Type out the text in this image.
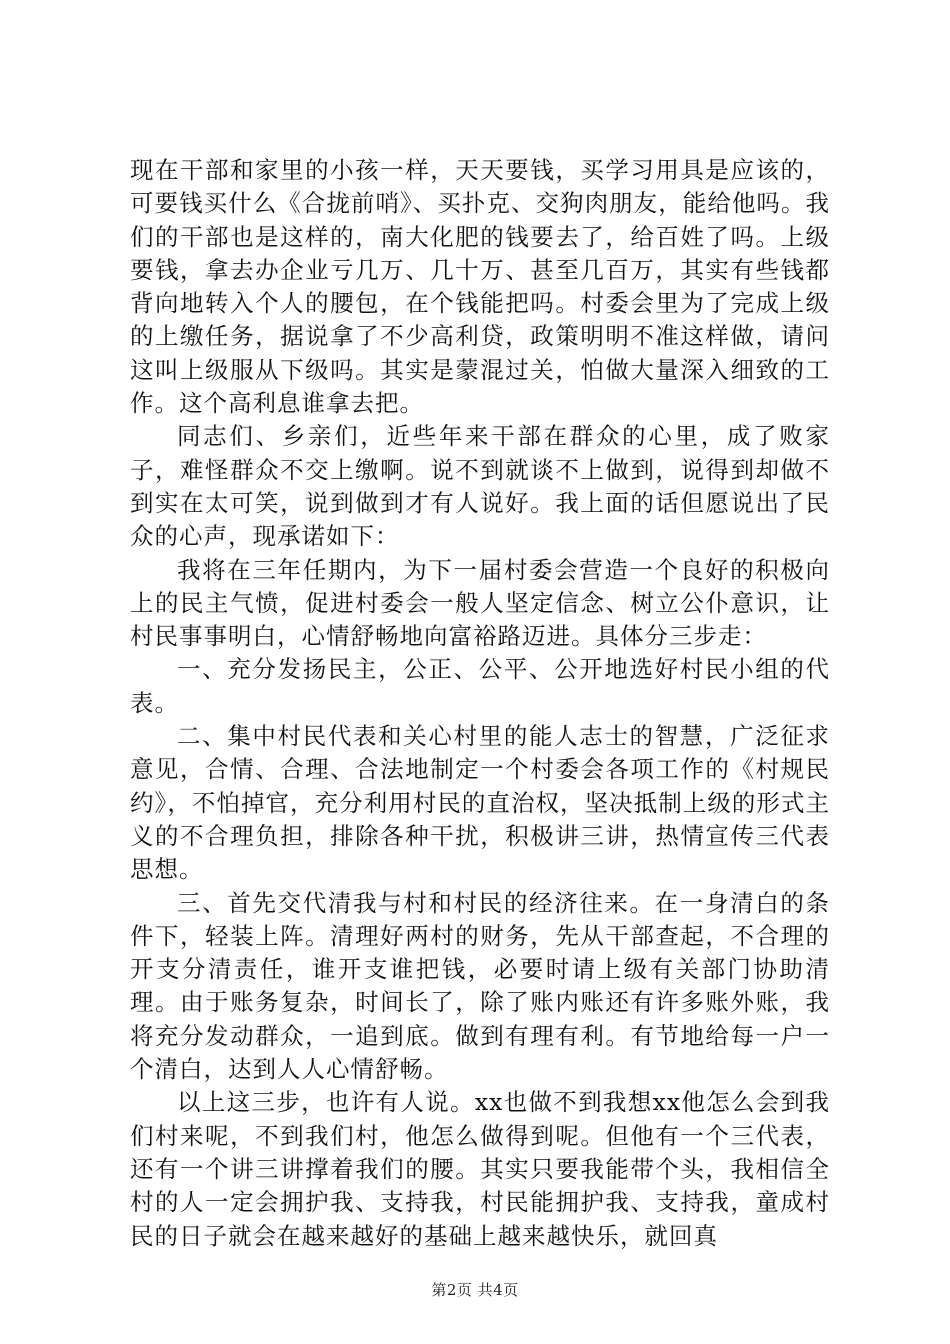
现在干部和家里的小孩一样，天天要钱，买学习用具是应该的，可要钱买什么《合拢前哨》、买扑克、交狗肉朋友，能给他吗。我们的干部也是这样的，南大化肥的钱要去了，给百姓了吗。上级要钱，拿去办企业亏几万、几十万、甚至几百万，其实有些钱都背向地转入个人的腰包，在个钱能把吗。村委会里为了完成上级的上缴任务，据说拿了不少高利贷，政策明明不准这样做，请问这叫上级服从下级吗。其实是蒙混过关，怕做大量深入细致的工作。这个高利息谁拿去把。

同志们、乡亲们，近些年来干部在群众的心里，成了败家子，难怪群众不交上缴啊。说不到就谈不上做到，说得到却做不到实在太可笑，说到做到才有人说好。我上面的话但愿说出了民众的心声，现承诺如下：

我将在三年任期内，为下一届村委会营造一个良好的积极向上的民主气愤，促进村委会一般人坚定信念、树立公仆意识，让村民事事明白，心情舒畅地向富裕路迈进。具体分三步走：

一、充分发扬民主，公正、公平、公开地选好村民小组的代表。

二、集中村民代表和关心村里的能人志士的智慧，广泛征求意见，合情、合理、合法地制定一个村委会各项工作的《村规民约》，不怕掉官，充分利用村民的直治权，坚决抵制上级的形式主义的不合理负担，排除各种干扰，积极讲三讲，热情宣传三代表思想。

三、首先交代清我与村和村民的经济往来。在一身清白的条件下，轻装上阵。清理好两村的财务，先从干部查起，不合理的开支分清责任，谁开支谁把钱，必要时请上级有关部门协助清理。由于账务复杂，时间长了，除了账内账还有许多账外账，我将充分发动群众，一追到底。做到有理有利。有节地给每一户一个清白，达到人人心情舒畅。

以上这三步，也许有人说。xx也做不到我想xx他怎么会到我们村来呢，不到我们村，他怎么做得到呢。但他有一个三代表，还有一个讲三讲撑着我们的腰。其实只要我能带个头，我相信全村的人一定会拥护我、支持我，村民能拥护我、支持我，童成村民的日子就会在越来越好的基础上越来越快乐，就回真

第2页 共4页
